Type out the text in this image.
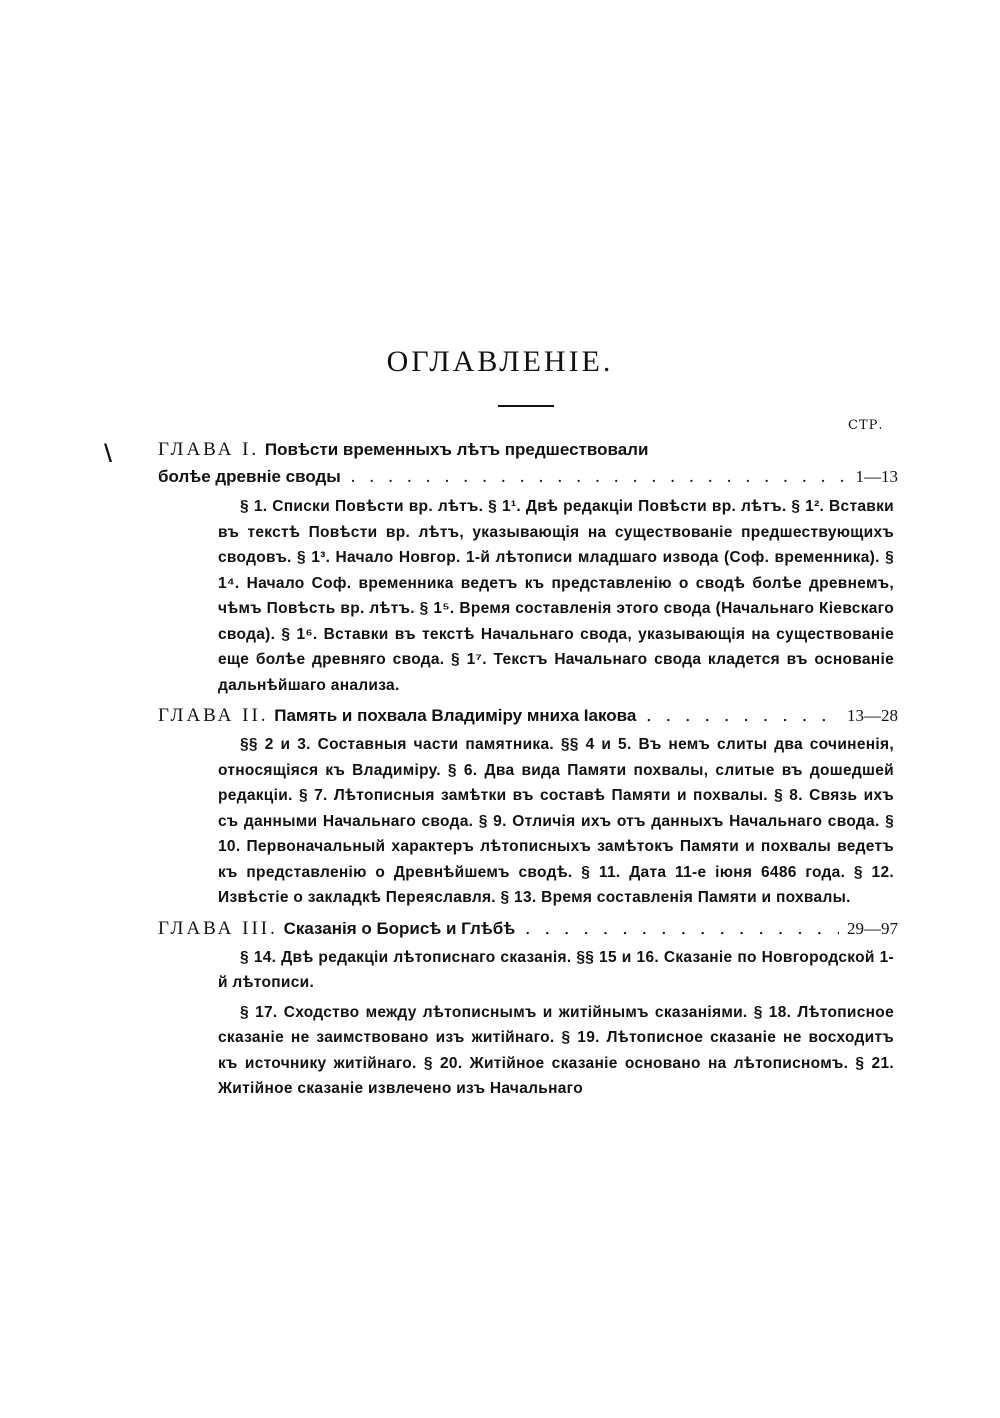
\
ОГЛАВЛЕНІЕ.
СТР.
ГЛАВА I. Повѣсти временныхъ лѣтъ предшествовали
болѣе древніе своды . . .	1—13

§ 1. Списки Повѣсти вр. лѣтъ. § 1¹. Двѣ редакціи Повѣсти вр. лѣтъ. § 1². Вставки въ текстѣ Повѣсти вр. лѣтъ, указывающія на существованіе предшествующихъ сводовъ. § 1³. Начало Новгор. 1-й лѣтописи младшаго извода (Соф. временника). § 1⁴. Начало Соф. временника ведетъ къ представленію о сводѣ болѣе древнемъ, чѣмъ Повѣсть вр. лѣтъ. § 1⁵. Время составленія этого свода (Начальнаго Кіевскаго свода). § 1⁶. Вставки въ текстѣ Начальнаго свода, указывающія на существованіе еще болѣе древняго свода. § 1⁷. Текстъ Начальнаго свода кладется въ основаніе дальнѣйшаго анализа.

ГЛАВА II. Память и похвала Владиміру мниха Іакова . . .	13—28

§§ 2 и 3. Составныя части памятника. §§ 4 и 5. Въ немъ слиты два сочиненія, относящіяся къ Владиміру. § 6. Два вида Памяти похвалы, слитые въ дошедшей редакціи. § 7. Лѣтописныя замѣтки въ составѣ Памяти и похвалы. § 8. Связь ихъ съ данными Начальнаго свода. § 9. Отличія ихъ отъ данныхъ Начальнаго свода. § 10. Первоначальный характеръ лѣтописныхъ замѣтокъ Памяти и похвалы ведетъ къ представленію о Древнѣйшемъ сводѣ. § 11. Дата 11-е іюня 6486 года. § 12. Извѣстіе о закладкѣ Переяславля. § 13. Время составленія Памяти и похвалы.

ГЛАВА III. Сказанія о Борисѣ и Глѣбѣ . . .	29—97

§ 14. Двѣ редакціи лѣтописнаго сказанія. §§ 15 и 16. Сказаніе по Новгородской 1-й лѣтописи.

§ 17. Сходство между лѣтописнымъ и житійнымъ сказаніями. § 18. Лѣтописное сказаніе не заимствовано изъ житійнаго. § 19. Лѣтописное сказаніе не восходитъ къ источнику житійнаго. § 20. Житійное сказаніе основано на лѣтописномъ. § 21. Житійное сказаніе извлечено изъ Начальнаго
